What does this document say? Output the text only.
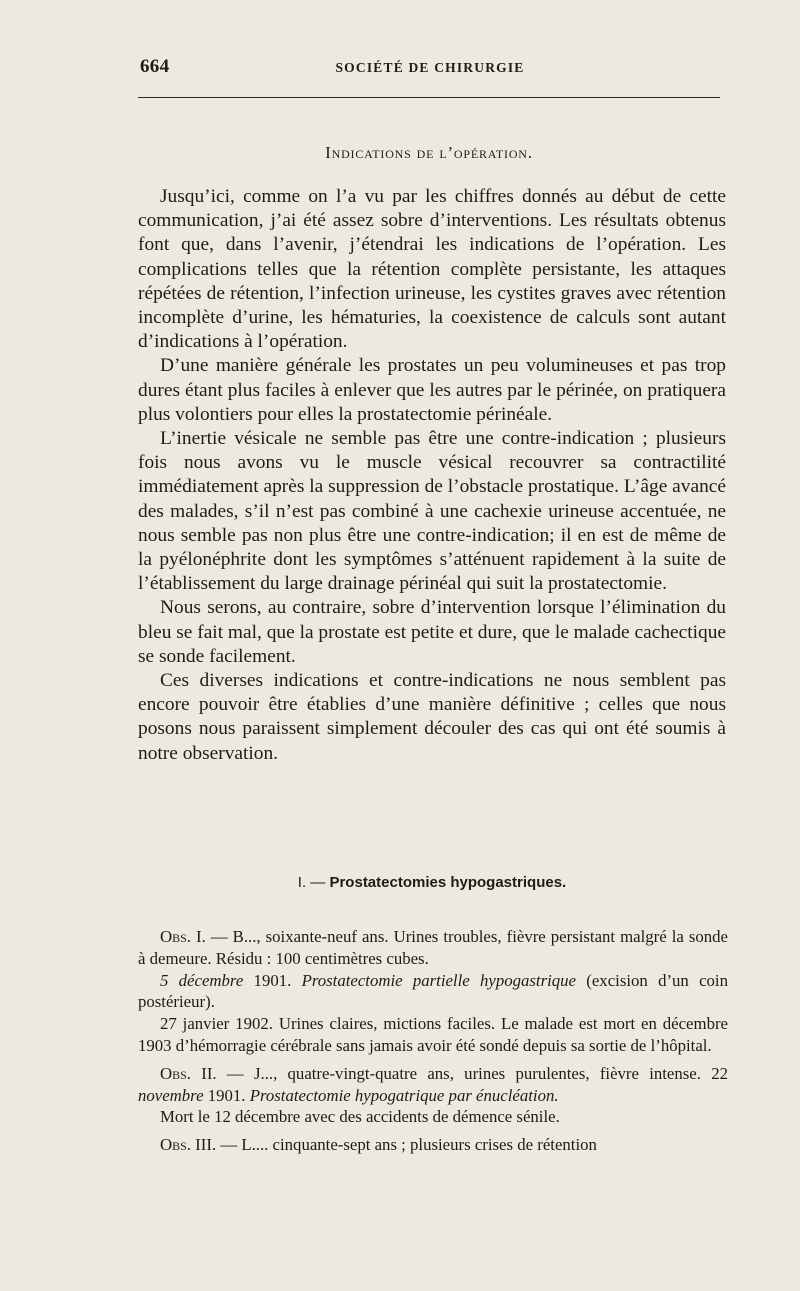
664	SOCIÉTÉ DE CHIRURGIE
Indications de l’opération.

Jusqu’ici, comme on l’a vu par les chiffres donnés au début de cette communication, j’ai été assez sobre d’interventions. Les résultats obtenus font que, dans l’avenir, j’étendrai les indications de l’opération. Les complications telles que la rétention complète persistante, les attaques répétées de rétention, l’infection urineuse, les cystites graves avec rétention incomplète d’urine, les hématuries, la coexistence de calculs sont autant d’indications à l’opération.

D’une manière générale les prostates un peu volumineuses et pas trop dures étant plus faciles à enlever que les autres par le périnée, on pratiquera plus volontiers pour elles la prostatectomie périnéale.

L’inertie vésicale ne semble pas être une contre-indication ; plusieurs fois nous avons vu le muscle vésical recouvrer sa contractilité immédiatement après la suppression de l’obstacle prostatique. L’âge avancé des malades, s’il n’est pas combiné à une cachexie urineuse accentuée, ne nous semble pas non plus être une contre-indication; il en est de même de la pyélonéphrite dont les symptômes s’atténuent rapidement à la suite de l’établissement du large drainage périnéal qui suit la prostatectomie.

Nous serons, au contraire, sobre d’intervention lorsque l’élimination du bleu se fait mal, que la prostate est petite et dure, que le malade cachectique se sonde facilement.

Ces diverses indications et contre-indications ne nous semblent pas encore pouvoir être établies d’une manière définitive ; celles que nous posons nous paraissent simplement découler des cas qui ont été soumis à notre observation.

I. — Prostatectomies hypogastriques.

Obs. I. — B..., soixante-neuf ans. Urines troubles, fièvre persistant malgré la sonde à demeure. Résidu : 100 centimètres cubes.

5 décembre 1901. Prostatectomie partielle hypogastrique (excision d’un coin postérieur).

27 janvier 1902. Urines claires, mictions faciles. Le malade est mort en décembre 1903 d’hémorragie cérébrale sans jamais avoir été sondé depuis sa sortie de l’hôpital.

Obs. II. — J..., quatre-vingt-quatre ans, urines purulentes, fièvre intense. 22 novembre 1901. Prostatectomie hypogatrique par énucléation.

Mort le 12 décembre avec des accidents de démence sénile.

Obs. III. — L.... cinquante-sept ans ; plusieurs crises de rétention
